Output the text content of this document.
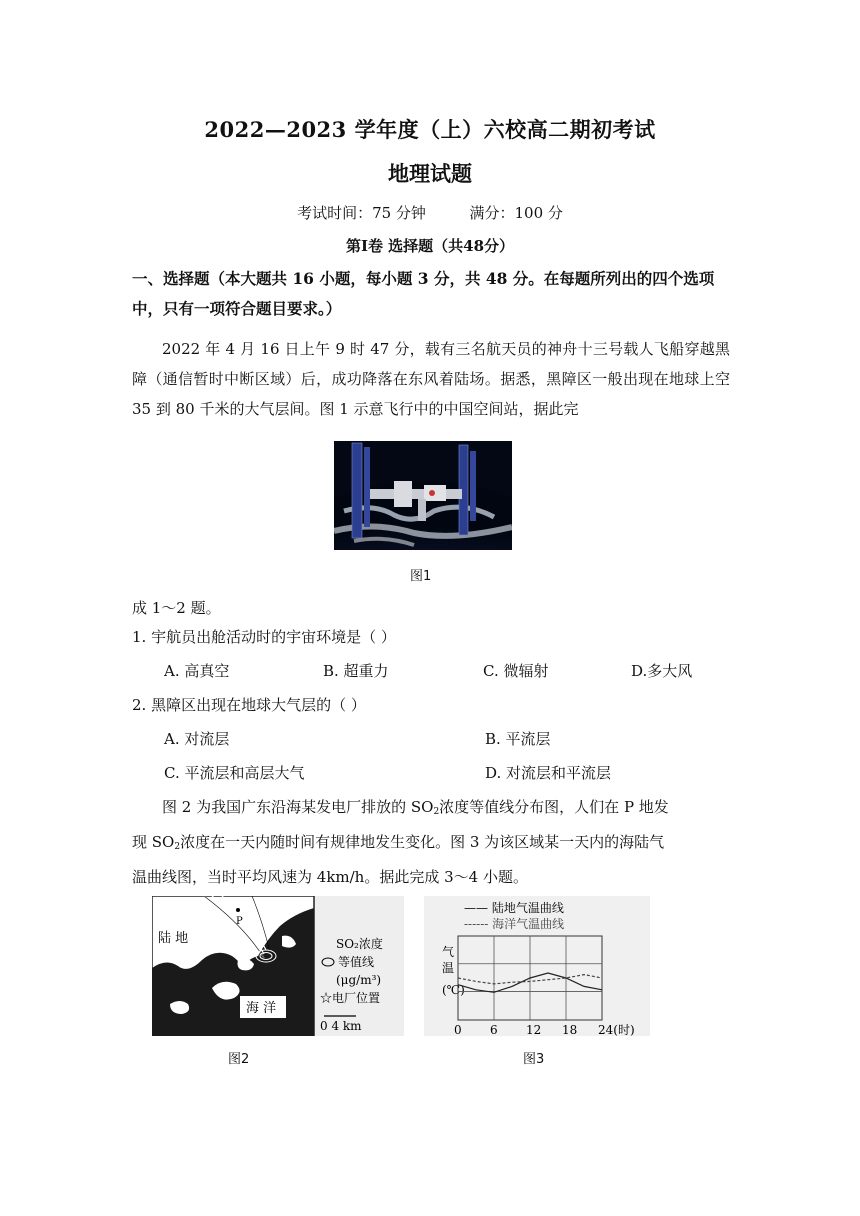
2022—2023 学年度（上）六校高二期初考试
地理试题
考试时间：75 分钟	满分：100 分
第Ⅰ卷 选择题（共48分）
一、选择题（本大题共 16 小题，每小题 3 分，共 48 分。在每题所列出的四个选项中，只有一项符合题目要求。）

2022 年 4 月 16 日上午 9 时 47 分，载有三名航天员的神舟十三号载人飞船穿越黑障（通信暂时中断区域）后，成功降落在东风着陆场。据悉，黑障区一般出现在地球上空 35 到 80 千米的大气层间。图 1 示意飞行中的中国空间站，据此完

图1
成 1～2 题。
1. 宇航员出舱活动时的宇宙环境是（ ）
A. 高真空	B. 超重力	C. 微辐射	D.多大风
2. 黑障区出现在地球大气层的（ ）
A. 对流层	B. 平流层
C. 平流层和高层大气	D. 对流层和平流层

图 2 为我国广东沿海某发电厂排放的 $SO_2$浓度等值线分布图，人们在 P 地发

现 $SO_2$浓度在一天内随时间有规律地发生变化。图 3 为该区域某一天内的海陆气

温曲线图，当时平均风速为 4km/h。据此完成 3～4 小题。

P
陆 地
海 洋
SO₂浓度
等值线
(μg/m³)
☆电厂位置
0 4 km
图2
—— 陆地气温曲线
------ 海洋气温曲线
气
温
(℃)
0 6 12 18 24(时)
图3
